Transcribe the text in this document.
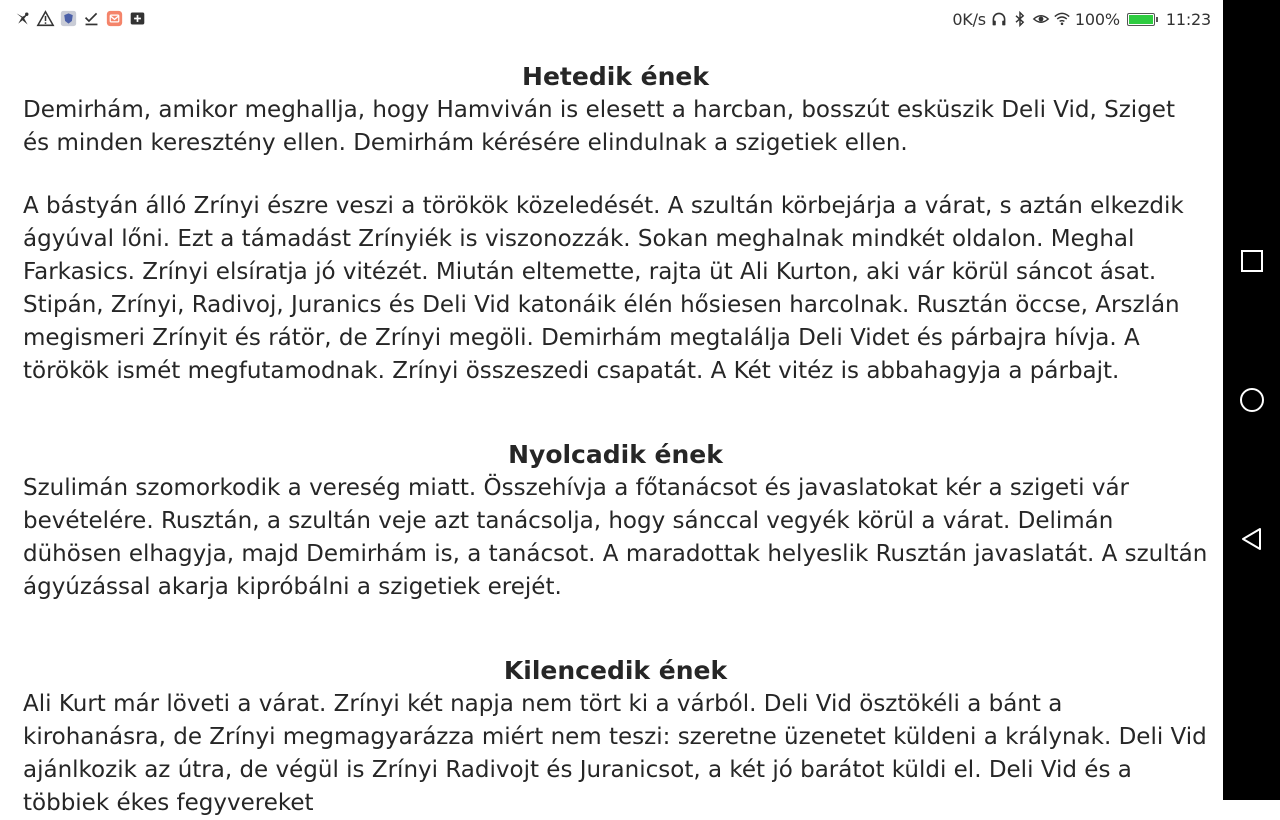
0K/s	100%	11:23
Hetedik ének

Demirhám, amikor meghallja, hogy Hamviván is elesett a harcban, bosszút esküszik Deli Vid, Sziget és minden keresztény ellen. Demirhám kérésére elindulnak a szigetiek ellen.

A bástyán álló Zrínyi észre veszi a törökök közeledését. A szultán körbejárja a várat, s aztán elkezdik ágyúval lőni. Ezt a támadást Zrínyiék is viszonozzák. Sokan meghalnak mindkét oldalon. Meghal Farkasics. Zrínyi elsíratja jó vitézét. Miután eltemette, rajta üt Ali Kurton, aki vár körül sáncot ásat. Stipán, Zrínyi, Radivoj, Juranics és Deli Vid katonáik élén hősiesen harcolnak. Rusztán öccse, Arszlán megismeri Zrínyit és rátör, de Zrínyi megöli. Demirhám megtalálja Deli Videt és párbajra hívja. A törökök ismét megfutamodnak. Zrínyi összeszedi csapatát. A Két vitéz is abbahagyja a párbajt.

Nyolcadik ének

Szulimán szomorkodik a vereség miatt. Összehívja a főtanácsot és javaslatokat kér a szigeti vár bevételére. Rusztán, a szultán veje azt tanácsolja, hogy sánccal vegyék körül a várat. Delimán dühösen elhagyja, majd Demirhám is, a tanácsot. A maradottak helyeslik Rusztán javaslatát. A szultán ágyúzással akarja kipróbálni a szigetiek erejét.

Kilencedik ének

Ali Kurt már löveti a várat. Zrínyi két napja nem tört ki a várból. Deli Vid ösztökéli a bánt a kirohanásra, de Zrínyi megmagyarázza miért nem teszi: szeretne üzenetet küldeni a králynak. Deli Vid ajánlkozik az útra, de végül is Zrínyi Radivojt és Juranicsot, a két jó barátot küldi el. Deli Vid és a többiek ékes fegyvereket
